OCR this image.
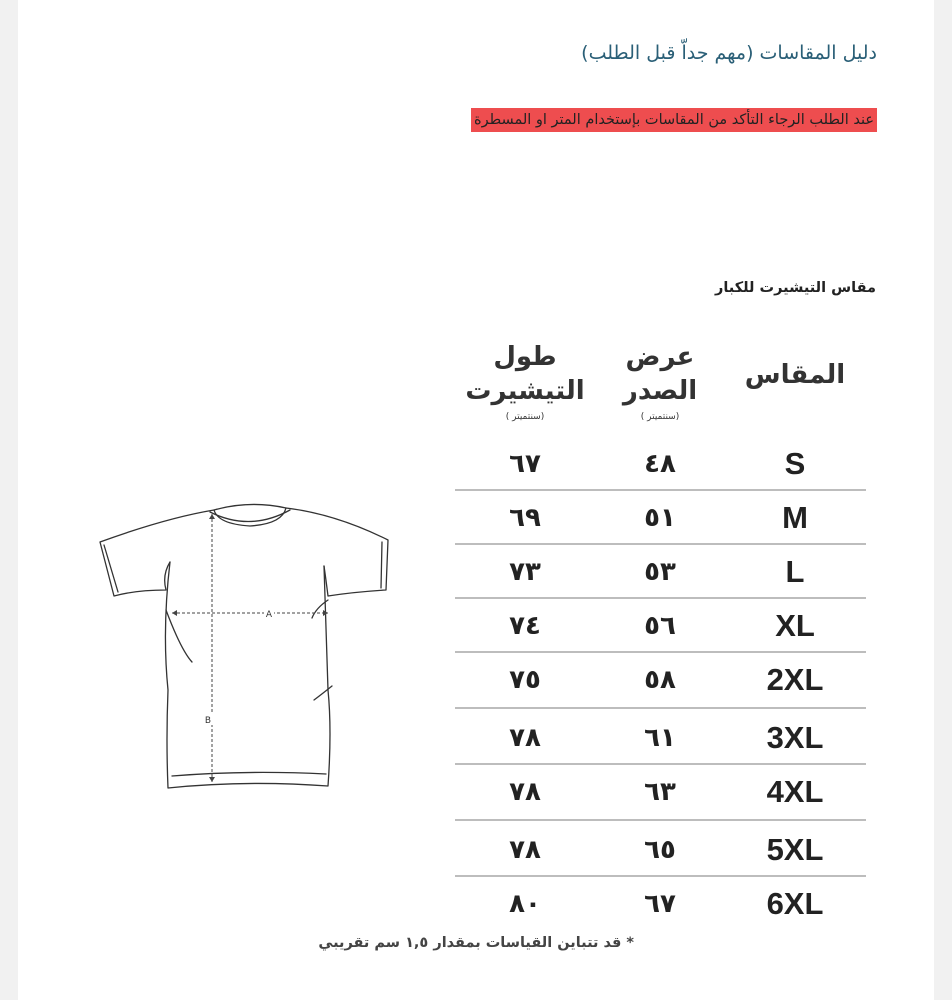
دليل المقاسات (مهم جداّ قبل الطلب)
عند الطلب الرجاء التأكد من المقاسات بإستخدام المتر او المسطرة
مقاس التيشيرت للكبار
المقاس
عرض الصدر
(سنتميتر )
طول التيشيرت
(سنتميتر )
S
٤٨
٦٧
M
٥١
٦٩
L
٥٣
٧٣
XL
٥٦
٧٤
2XL
٥٨
٧٥
3XL
٦١
٧٨
4XL
٦٣
٧٨
5XL
٦٥
٧٨
6XL
٦٧
٨٠
* قد تتباين القياسات بمقدار ١,٥ سم تقريبي
A
B
